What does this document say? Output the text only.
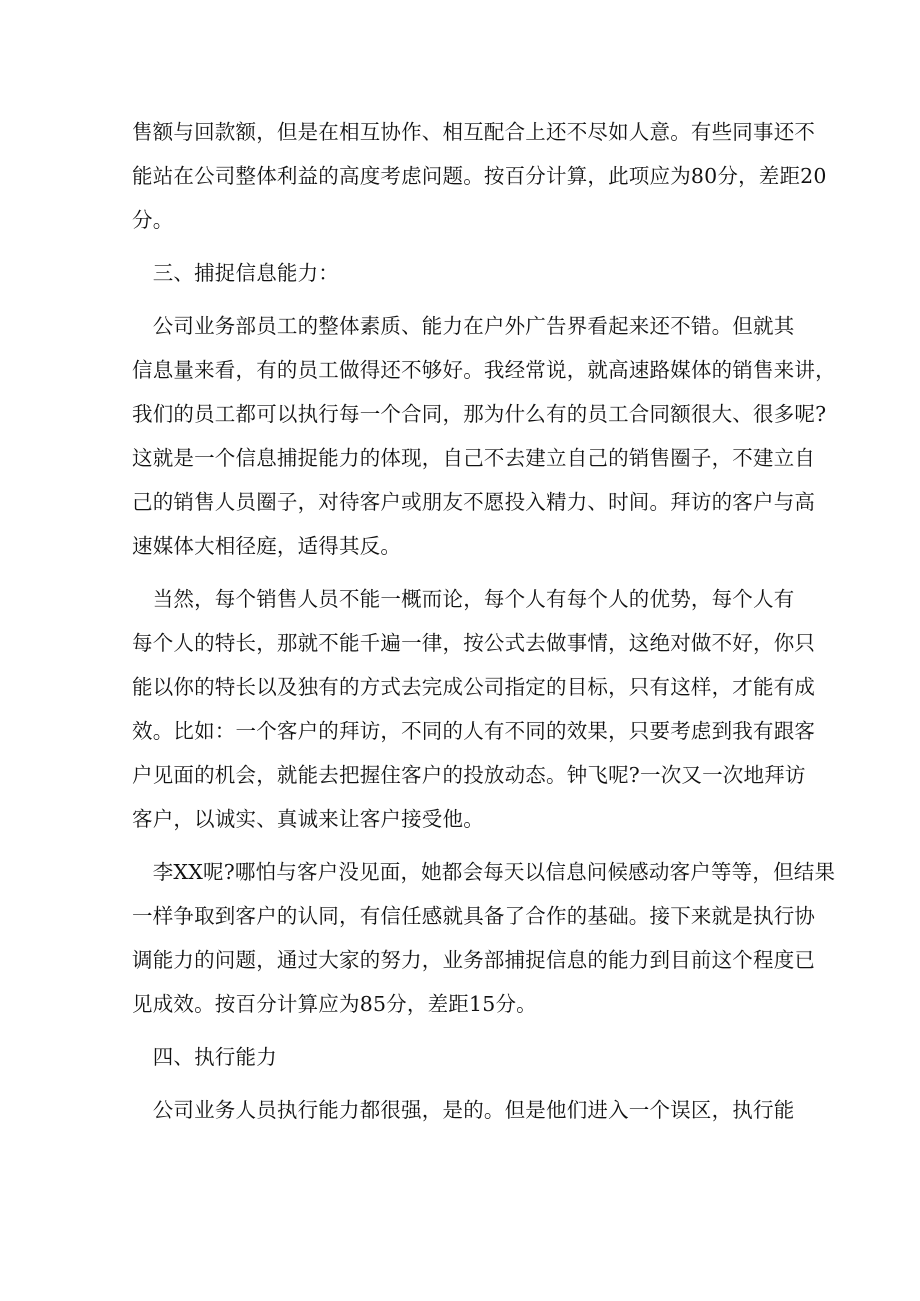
售额与回款额，但是在相互协作、相互配合上还不尽如人意。有些同事还不
能站在公司整体利益的高度考虑问题。按百分计算，此项应为80分，差距20
分。
　三、捕捉信息能力：
　公司业务部员工的整体素质、能力在户外广告界看起来还不错。但就其
信息量来看，有的员工做得还不够好。我经常说，就高速路媒体的销售来讲，
我们的员工都可以执行每一个合同，那为什么有的员工合同额很大、很多呢?
这就是一个信息捕捉能力的体现，自己不去建立自己的销售圈子，不建立自
己的销售人员圈子，对待客户或朋友不愿投入精力、时间。拜访的客户与高
速媒体大相径庭，适得其反。
　当然，每个销售人员不能一概而论，每个人有每个人的优势，每个人有
每个人的特长，那就不能千遍一律，按公式去做事情，这绝对做不好，你只
能以你的特长以及独有的方式去完成公司指定的目标，只有这样，才能有成
效。比如：一个客户的拜访，不同的人有不同的效果，只要考虑到我有跟客
户见面的机会，就能去把握住客户的投放动态。钟飞呢?一次又一次地拜访
客户，以诚实、真诚来让客户接受他。
　李XX呢?哪怕与客户没见面，她都会每天以信息问候感动客户等等，但结果
一样争取到客户的认同，有信任感就具备了合作的基础。接下来就是执行协
调能力的问题，通过大家的努力，业务部捕捉信息的能力到目前这个程度已
见成效。按百分计算应为85分，差距15分。
　四、执行能力
　公司业务人员执行能力都很强，是的。但是他们进入一个误区，执行能
